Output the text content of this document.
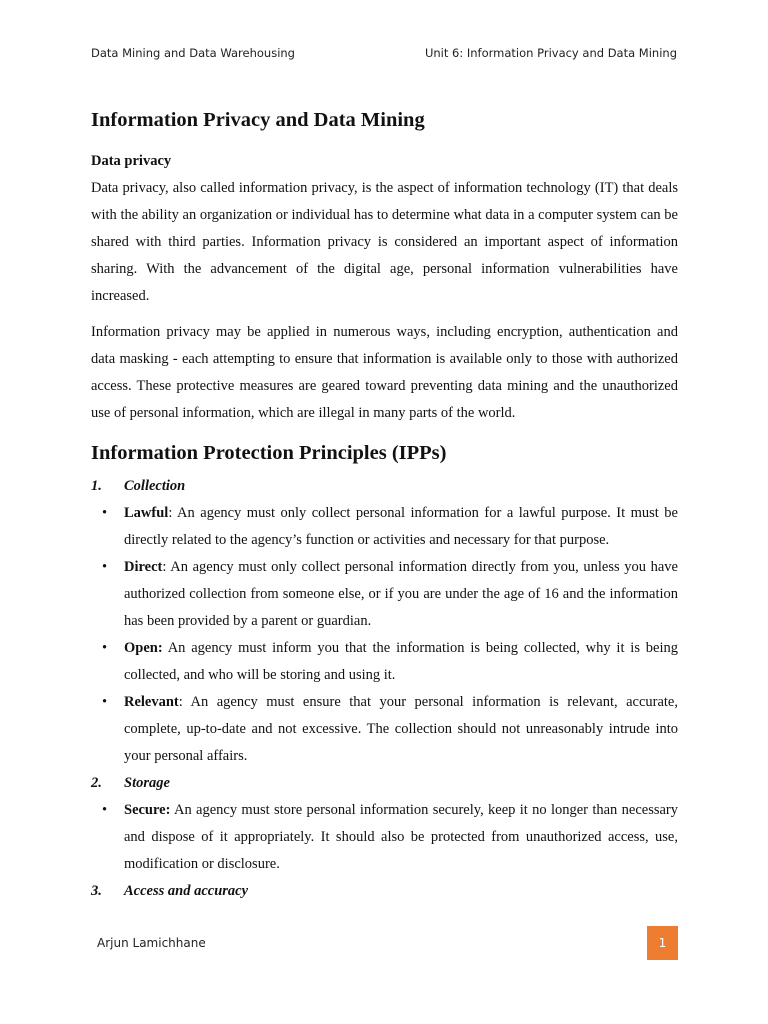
Data Mining and Data Warehousing	Unit 6: Information Privacy and Data Mining
Information Privacy and Data Mining
Data privacy

Data privacy, also called information privacy, is the aspect of information technology (IT) that deals with the ability an organization or individual has to determine what data in a computer system can be shared with third parties. Information privacy is considered an important aspect of information sharing. With the advancement of the digital age, personal information vulnerabilities have increased.

Information privacy may be applied in numerous ways, including encryption, authentication and data masking - each attempting to ensure that information is available only to those with authorized access. These protective measures are geared toward preventing data mining and the unauthorized use of personal information, which are illegal in many parts of the world.

Information Protection Principles (IPPs)
1.	Collection
• Lawful: An agency must only collect personal information for a lawful purpose. It must be directly related to the agency’s function or activities and necessary for that purpose.
• Direct: An agency must only collect personal information directly from you, unless you have authorized collection from someone else, or if you are under the age of 16 and the information has been provided by a parent or guardian.
• Open: An agency must inform you that the information is being collected, why it is being collected, and who will be storing and using it.
• Relevant: An agency must ensure that your personal information is relevant, accurate, complete, up-to-date and not excessive. The collection should not unreasonably intrude into your personal affairs.
2.	Storage
• Secure: An agency must store personal information securely, keep it no longer than necessary and dispose of it appropriately. It should also be protected from unauthorized access, use, modification or disclosure.
3.	Access and accuracy
Arjun Lamichhane	1
